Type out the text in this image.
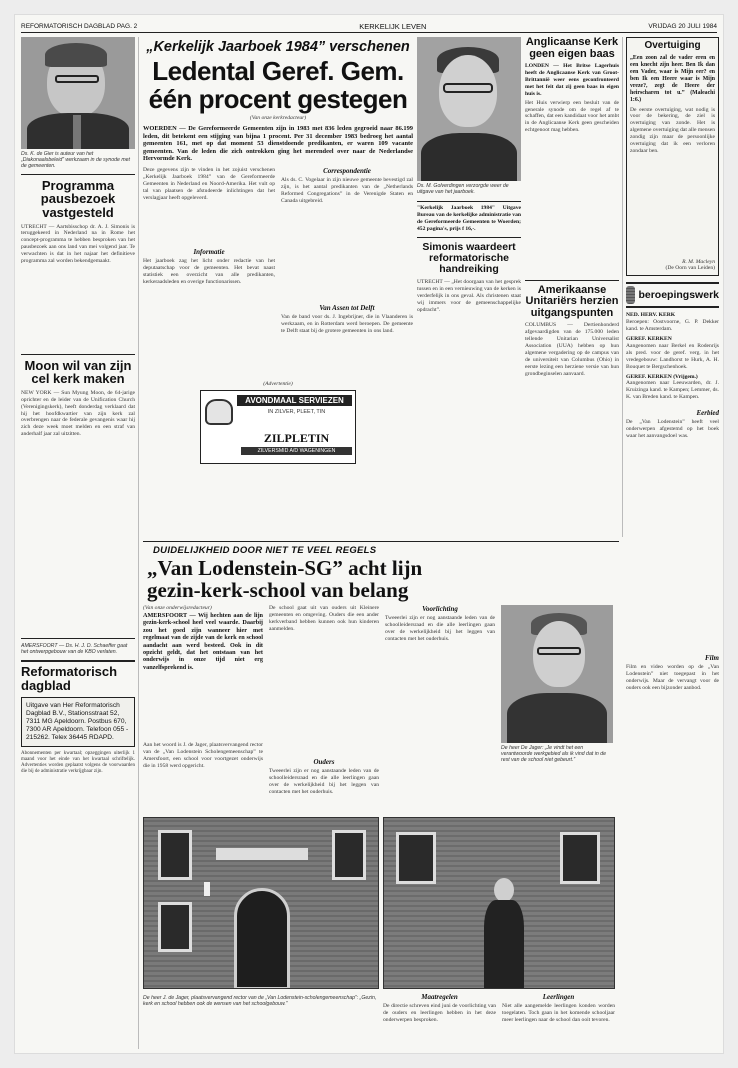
REFORMATORISCH DAGBLAD PAG. 2	KERKELIJK LEVEN	VRIJDAG 20 JULI 1984
Ds. K. de Gier is auteur van het „Diakonaalsbeleid” werkzaam in de synode met de gemeenten.
Programma pausbezoek vastgesteld
UTRECHT — Aartsbisschop dr. A. J. Simonis is teruggekeerd in Nederland na in Rome het concept-programma te hebben besproken van het pausbezoek aan ons land van mei volgend jaar. Te verwachten is dat in het najaar het definitieve programma zal worden bekendgemaakt.
Moon wil van zijn cel kerk maken
NEW YORK — Sun Myung Moon, de 64-jarige oprichter en de leider van de Unification Church (Verenigingskerk), heeft donderdag verklaard dat hij het hoofdkwartier van zijn kerk zal overbrengen naar de federale gevangenis waar hij zich deze week moet melden en een straf van anderhalf jaar zal uitzitten.
AMERSFOORT — Ds. H. J. D. Schaeffer gaat het ontwerpgebouw van de KBO verlaten.
Reformatorisch dagblad
Uitgave van Her Reformatorisch Dagblad B.V., Stationsstraat 52, 7311 MG Apeldoorn. Postbus 670, 7300 AR Apeldoorn. Telefoon 055 - 215262. Telex 36445 RDAPD.
Abonnementen per kwartaal; opzeggingen uiterlijk 1 maand voor het einde van het kwartaal schriftelijk. Advertenties worden geplaatst volgens de voorwaarden die bij de administratie verkrijgbaar zijn.
„Kerkelijk Jaarboek 1984” verschenen
Ledental Geref. Gem.
één procent gestegen
(Van onze kerkredacteur)
WOERDEN — De Gereformeerde Gemeenten zijn in 1983 met 836 leden gegroeid naar 86.199 leden, dit betekent een stijging van bijna 1 procent. Per 31 december 1983 bedroeg het aantal gemeenten 161, met op dat moment 53 dienstdoende predikanten, er waren 109 vacante gemeenten. Van de leden die zich ontrokken ging het merendeel over naar de Nederlandse Hervormde Kerk.
Deze gegevens zijn te vinden in het zojuist verschenen „Kerkelijk Jaarboek 1984” van de Gereformeerde Gemeenten in Nederland en Noord-Amerika. Het vult op tal van plaatsen de afstudeerde inlichtingen dat het verslagjaar heeft opgeleverd.
Informatie
Het jaarboek zag het licht onder redactie van het deputaatschap voor de gemeenten. Het bevat naast statistiek een overzicht van alle predikanten, kerkeraadsleden en overige functionarissen.
Correspondentie
Als ds. C. Vogelaar in zijn nieuwe gemeente bevestigd zal zijn, is het aantal predikanten van de „Netherlands Reformed Congregations” in de Verenigde Staten en Canada uitgebreid.
Van Assen tot Delft
Van de band voor ds. J. Ingebrijner, die in Vlaanderen is werkzaam, en in Rotterdam werd beroepen. De gemeente te Delft staat bij de grotere gemeenten in ons land.
(Advertentie)
AVONDMAAL SERVIEZEN
IN ZILVER, PLEET, TIN
ZILPLETIN
ZILVERSMID A/D WAGENINGEN
Ds. M. Golverdingen verzorgde weer de uitgave van het jaarboek.
"Kerkelijk Jaarboek 1984" Uitgave Bureau van de kerkelijke administratie van de Gereformeerde Gemeenten te Woerden; 452 pagina's, prijs f 16,-.
Simonis waardeert reformatorische handreiking
UTRECHT — „Het doorgaan van het gesprek tussen en in een vernieuwing van de kerken is verderfelijk in ons geval. Als christenen staat wij immers voor de gemeenschappelijke opdracht”.
Anglicaanse Kerk geen eigen baas
LONDEN — Het Britse Lagerhuis heeft de Anglicaanse Kerk van Groot-Brittannië weer eens geconfronteerd met het feit dat zij geen baas in eigen huis is.
Het Huis verwierp een besluit van de generale synode om de regel af te schaffen, dat een kandidaat voor het ambt in de Anglicaanse Kerk geen gescheiden echtgenoot mag hebben.
Amerikaanse Unitariërs herzien uitgangspunten
COLUMBUS — Dertienhonderd afgevaardigden van de 175.000 leden tellende Unitarian Universalist Association (UUA) hebben op hun algemene vergadering op de campus van de universiteit van Columbus (Ohio) in eerste lezing een herziene versie van hun grondbeginselen aanvaard.
Overtuiging
„Een zoon zal de vader eren en een knecht zijn heer. Ben Ik dan een Vader, waar is Mijn eer? en ben Ik een Heere waar is Mijn vreze?, zegt de Heere der heirscharen tot u.” (Maleachi 1:6.)
De eerste overtuiging, wat nodig is voor de bekering, de ziel is overtuiging van zonde. Het is algemene overtuiging dat alle mensen zondig zijn maar de persoonlijke overtuiging dat ik een verloren zondaar ben.
R. M. Macleyn
(De Oorn van Leiden)
beroepingswerk
NED. HERV. KERK
Beroepen: Oostvoorne, G. P. Dekker kand. te Amsterdam.
GEREF. KERKEN
Aangenomen naar Berkel en Rodenrijs als pred. voor de geref. verg. in het vredegebouw: Landhorst te Hurk, A. H. Bouquet te Bergschenhoek.
GEREF. KERKEN (Vrijgem.)
Aangenomen naar Leeuwarden, dr. J. Kruizinga kand. te Kampen; Lemmer, ds. K. van Breden kand. te Kampen.
Eerbied
De „Van Lodenstein” heeft veel onderwerpen afgestemd op het boek waar het aanvangsdoel was.
Film
Film en video worden op de „Van Lodenstein” niet toegepast in het onderwijs. Maar de vervangt voor de ouders ook een bijzonder aanbod.
DUIDELIJKHEID DOOR NIET TE VEEL REGELS
„Van Lodenstein-SG” acht lijn
gezin-kerk-school van belang
(Van onze onderwijsredacteur)
AMERSFOORT — Wij hechten aan de lijn gezin-kerk-school heel veel waarde. Daarbij zou het goed zijn wanneer hier met regelmaat van de zijde van de kerk en school aandacht aan werd besteed. Ook in dit opzicht geldt, dat het ontstaan van het onderwijs in onze tijd niet erg vanzelfsprekend is.
Aan het woord is J. de Jager, plaatsvervangend rector van de „Van Lodenstein Scholengemeenschap” te Amersfoort, een school voor voortgezet onderwijs die in 1958 werd opgericht.
De school gaat uit van ouders uit Kleinere gemeenten en omgeving. Ouders die een ander kerkverband hebben kunnen ook hun kinderen aanmelden.
Ouders
Tweeerlei zijn er nog aanstaande leden van de schoolleidersraad en die alle leerlingen gaan over de werkelijkheid bij het leggen van contacten met het ouderhuis.
Voorlichting
Tweeerlei zijn er nog aanstaande leden van de schoolleidersraad en die alle leerlingen gaan over de werkelijkheid bij het leggen van contacten met het ouderhuis.
De heer De Jager: „Je vindt het een verantwoorde werkgebied als ik vind dat in de rest van de school niet gebeurt.”
De heer J. de Jager, plaatsvervangend rector van de „Van Lodenstein-scholengemeenschap”: „Gezin, kerk en school hebben ook de wensen van het schoolgebouw.”
Maatregelen
De directie schreven eind juni de voorlichting van de ouders en leerlingen hebben in het deze onderwerpen besproken.
Leerlingen
Niet alle aangemelde leerlingen konden worden toegelaten. Toch gaan in het komende schooljaar meer leerlingen naar de school dan ooit tevoren.
